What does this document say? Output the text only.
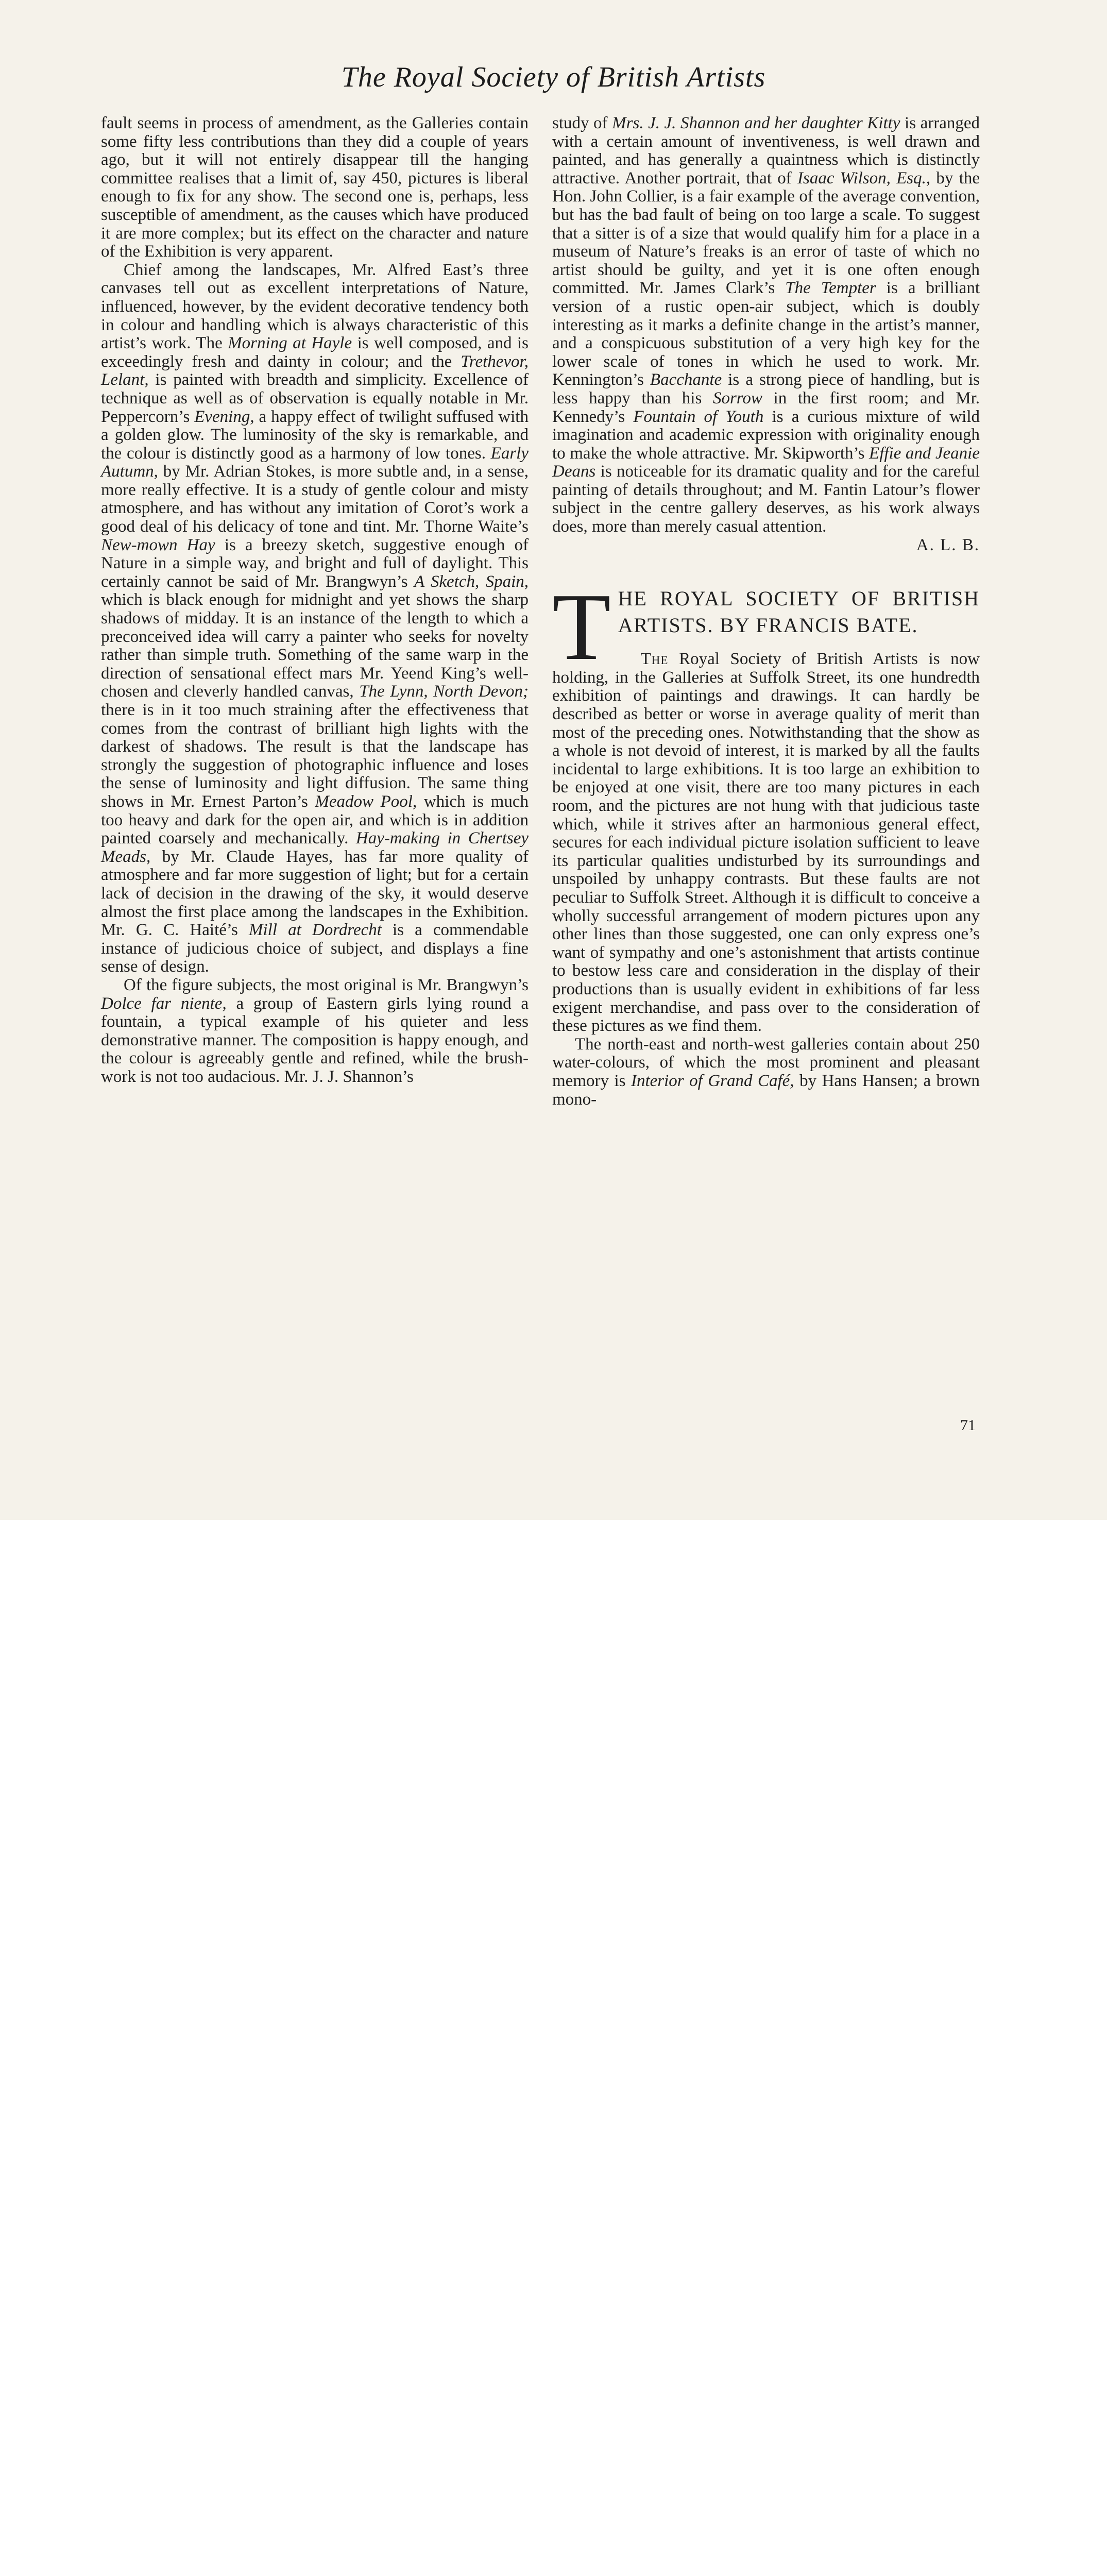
The Royal Society of British Artists

fault seems in process of amendment, as the Galleries contain some fifty less contributions than they did a couple of years ago, but it will not entirely disappear till the hanging committee realises that a limit of, say 450, pictures is liberal enough to fix for any show. The second one is, perhaps, less susceptible of amendment, as the causes which have produced it are more complex; but its effect on the character and nature of the Exhibition is very apparent.

Chief among the landscapes, Mr. Alfred East’s three canvases tell out as excellent interpretations of Nature, influenced, however, by the evident decorative tendency both in colour and handling which is always characteristic of this artist’s work. The Morning at Hayle is well composed, and is exceedingly fresh and dainty in colour; and the Trethevor, Lelant, is painted with breadth and simplicity. Excellence of technique as well as of observation is equally notable in Mr. Peppercorn’s Evening, a happy effect of twilight suffused with a golden glow. The luminosity of the sky is remarkable, and the colour is distinctly good as a harmony of low tones. Early Autumn, by Mr. Adrian Stokes, is more subtle and, in a sense, more really effective. It is a study of gentle colour and misty atmosphere, and has without any imitation of Corot’s work a good deal of his delicacy of tone and tint. Mr. Thorne Waite’s New-mown Hay is a breezy sketch, suggestive enough of Nature in a simple way, and bright and full of daylight. This certainly cannot be said of Mr. Brangwyn’s A Sketch, Spain, which is black enough for midnight and yet shows the sharp shadows of midday. It is an instance of the length to which a preconceived idea will carry a painter who seeks for novelty rather than simple truth. Something of the same warp in the direction of sensational effect mars Mr. Yeend King’s well-chosen and cleverly handled canvas, The Lynn, North Devon; there is in it too much straining after the effectiveness that comes from the contrast of brilliant high lights with the darkest of shadows. The result is that the landscape has strongly the suggestion of photographic influence and loses the sense of luminosity and light diffusion. The same thing shows in Mr. Ernest Parton’s Meadow Pool, which is much too heavy and dark for the open air, and which is in addition painted coarsely and mechanically. Hay-making in Chertsey Meads, by Mr. Claude Hayes, has far more quality of atmosphere and far more suggestion of light; but for a certain lack of decision in the drawing of the sky, it would deserve almost the first place among the landscapes in the Exhibition. Mr. G. C. Haité’s Mill at Dordrecht is a commendable instance of judicious choice of subject, and displays a fine sense of design.

Of the figure subjects, the most original is Mr. Brangwyn’s Dolce far niente, a group of Eastern girls lying round a fountain, a typical example of his quieter and less demonstrative manner. The composition is happy enough, and the colour is agreeably gentle and refined, while the brush-work is not too audacious. Mr. J. J. Shannon’s

study of Mrs. J. J. Shannon and her daughter Kitty is arranged with a certain amount of inventiveness, is well drawn and painted, and has generally a quaintness which is distinctly attractive. Another portrait, that of Isaac Wilson, Esq., by the Hon. John Collier, is a fair example of the average convention, but has the bad fault of being on too large a scale. To suggest that a sitter is of a size that would qualify him for a place in a museum of Nature’s freaks is an error of taste of which no artist should be guilty, and yet it is one often enough committed. Mr. James Clark’s The Tempter is a brilliant version of a rustic open-air subject, which is doubly interesting as it marks a definite change in the artist’s manner, and a conspicuous substitution of a very high key for the lower scale of tones in which he used to work. Mr. Kennington’s Bacchante is a strong piece of handling, but is less happy than his Sorrow in the first room; and Mr. Kennedy’s Fountain of Youth is a curious mixture of wild imagination and academic expression with originality enough to make the whole attractive. Mr. Skipworth’s Effie and Jeanie Deans is noticeable for its dramatic quality and for the careful painting of details throughout; and M. Fantin Latour’s flower subject in the centre gallery deserves, as his work always does, more than merely casual attention.

A. L. B.

T HE ROYAL SOCIETY OF BRITISH ARTISTS. BY FRANCIS BATE.

The Royal Society of British Artists is now holding, in the Galleries at Suffolk Street, its one hundredth exhibition of paintings and drawings. It can hardly be described as better or worse in average quality of merit than most of the preceding ones. Notwithstanding that the show as a whole is not devoid of interest, it is marked by all the faults incidental to large exhibitions. It is too large an exhibition to be enjoyed at one visit, there are too many pictures in each room, and the pictures are not hung with that judicious taste which, while it strives after an harmonious general effect, secures for each individual picture isolation sufficient to leave its particular qualities undisturbed by its surroundings and unspoiled by unhappy contrasts. But these faults are not peculiar to Suffolk Street. Although it is difficult to conceive a wholly successful arrangement of modern pictures upon any other lines than those suggested, one can only express one’s want of sympathy and one’s astonishment that artists continue to bestow less care and consideration in the display of their productions than is usually evident in exhibitions of far less exigent merchandise, and pass over to the consideration of these pictures as we find them.

The north-east and north-west galleries contain about 250 water-colours, of which the most prominent and pleasant memory is Interior of Grand Café, by Hans Hansen; a brown mono-

71
